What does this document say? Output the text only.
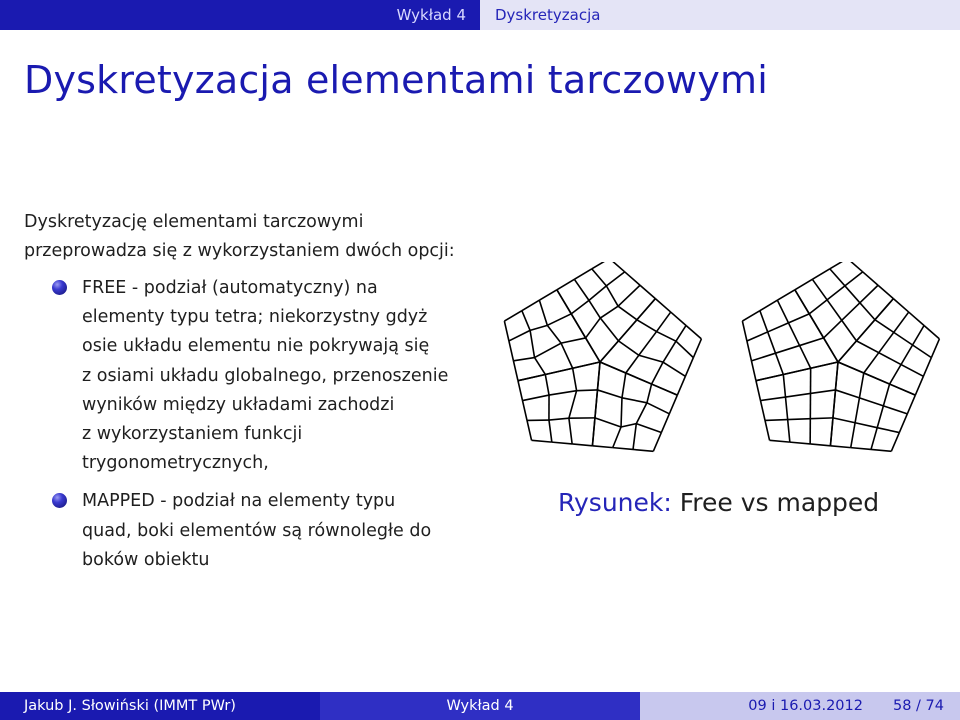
Wykład 4 Dyskretyzacja
Dyskretyzacja elementami tarczowymi
Dyskretyzację elementami tarczowymi
przeprowadza się z wykorzystaniem dwóch opcji:
FREE - podział (automatyczny) na
elementy typu tetra; niekorzystny gdyż
osie układu elementu nie pokrywają się
z osiami układu globalnego, przenoszenie
wyników między układami zachodzi
z wykorzystaniem funkcji
trygonometrycznych,
MAPPED - podział na elementy typu
quad, boki elementów są równoległe do
boków obiektu
Rysunek: Free vs mapped
Jakub J. Słowiński (IMMT PWr)	Wykład 4	09 i 16.03.2012 58 / 74
